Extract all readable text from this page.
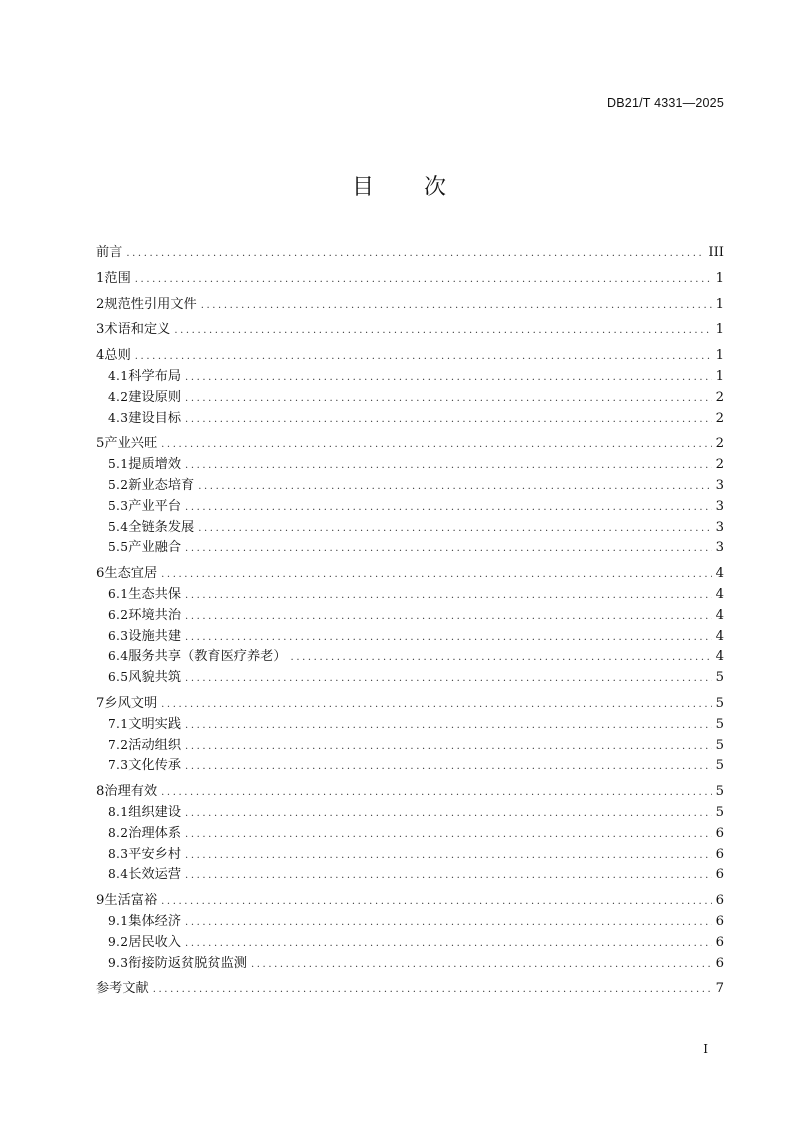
DB21/T 4331—2025
目　　次
前言 .....	III
1 范围 .....	1
2 规范性引用文件 .....	1
3 术语和定义 .....	1
4 总则 .....	1
4.1 科学布局 .....	1
4.2 建设原则 .....	2
4.3 建设目标 .....	2
5 产业兴旺 .....	2
5.1 提质增效 .....	2
5.2 新业态培育 .....	3
5.3 产业平台 .....	3
5.4 全链条发展 .....	3
5.5 产业融合 .....	3
6 生态宜居 .....	4
6.1 生态共保 .....	4
6.2 环境共治 .....	4
6.3 设施共建 .....	4
6.4 服务共享（教育医疗养老） .....	4
6.5 风貌共筑 .....	5
7 乡风文明 .....	5
7.1 文明实践 .....	5
7.2 活动组织 .....	5
7.3 文化传承 .....	5
8 治理有效 .....	5
8.1 组织建设 .....	5
8.2 治理体系 .....	6
8.3 平安乡村 .....	6
8.4 长效运营 .....	6
9 生活富裕 .....	6
9.1 集体经济 .....	6
9.2 居民收入 .....	6
9.3 衔接防返贫脱贫监测 .....	6
参考文献 .....	7
I
